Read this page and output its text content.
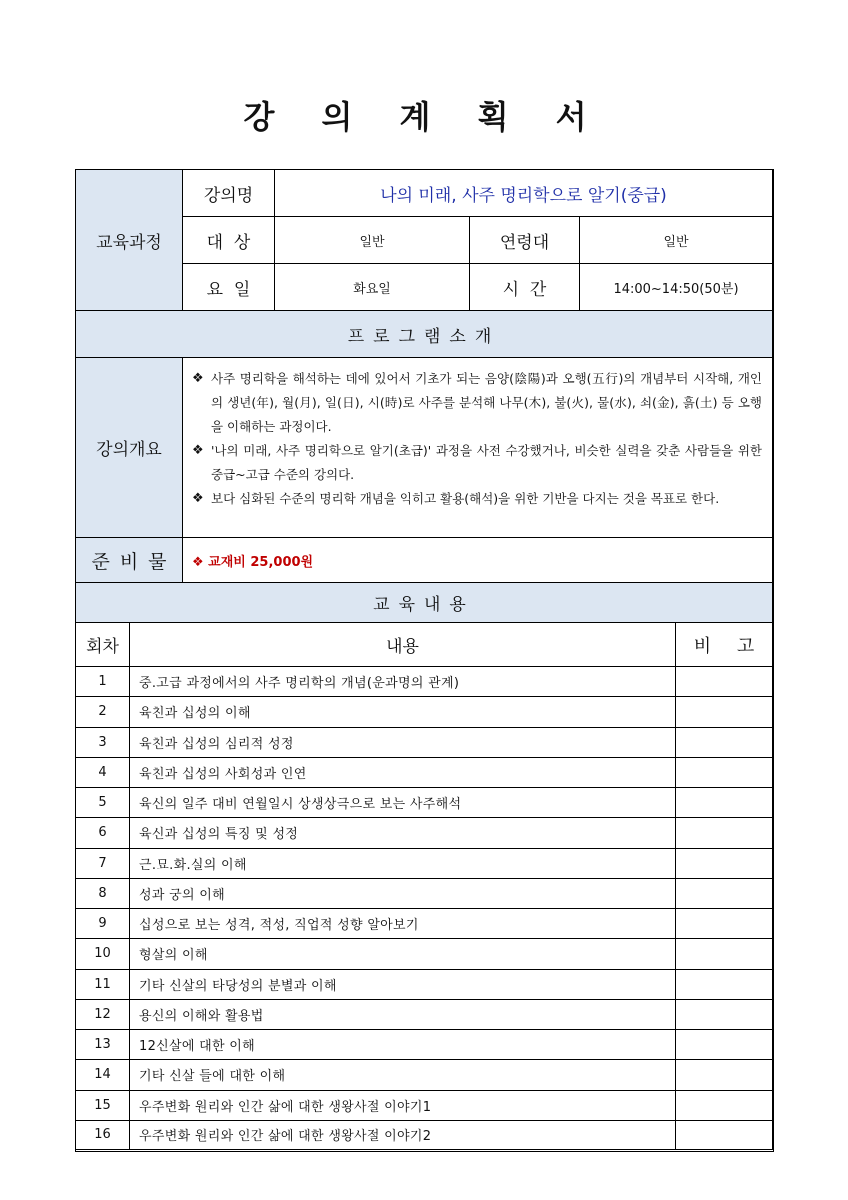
강 의 계 획 서
교육과정
강의명	나의 미래, 사주 명리학으로 알기(중급)
대  상	일반	연령대	일반
요  일	화요일	시  간	14:00~14:50(50분)
프로그램소개
강의개요
❖ 사주 명리학을 해석하는 데에 있어서 기초가 되는 음양(陰陽)과 오행(五行)의 개념부터 시작해, 개인의 생년(年), 월(月), 일(日), 시(時)로 사주를 분석해 나무(木), 불(火), 물(水), 쇠(金), 흙(土) 등 오행을 이해하는 과정이다.
❖ '나의 미래, 사주 명리학으로 알기(초급)' 과정을 사전 수강했거나, 비슷한 실력을 갖춘 사람들을 위한 중급~고급 수준의 강의다.
❖ 보다 심화된 수준의 명리학 개념을 익히고 활용(해석)을 위한 기반을 다지는 것을 목표로 한다.
준비물	❖ 교재비 25,000원
교육내용
회차	내용	비 고
1	중.고급 과정에서의 사주 명리학의 개념(운과명의 관계)
2	육친과 십성의 이해
3	육친과 십성의 심리적 성정
4	육친과 십성의 사회성과 인연
5	육신의 일주 대비 연월일시 상생상극으로 보는 사주해석
6	육신과 십성의 특징 및 성정
7	근.묘.화.실의 이해
8	성과 궁의 이해
9	십성으로 보는 성격, 적성, 직업적 성향 알아보기
10	형살의 이해
11	기타 신살의 타당성의 분별과 이해
12	용신의 이해와 활용법
13	12신살에 대한 이해
14	기타 신살 들에 대한 이해
15	우주변화 원리와 인간 삶에 대한 생왕사절 이야기1
16	우주변화 원리와 인간 삶에 대한 생왕사절 이야기2
